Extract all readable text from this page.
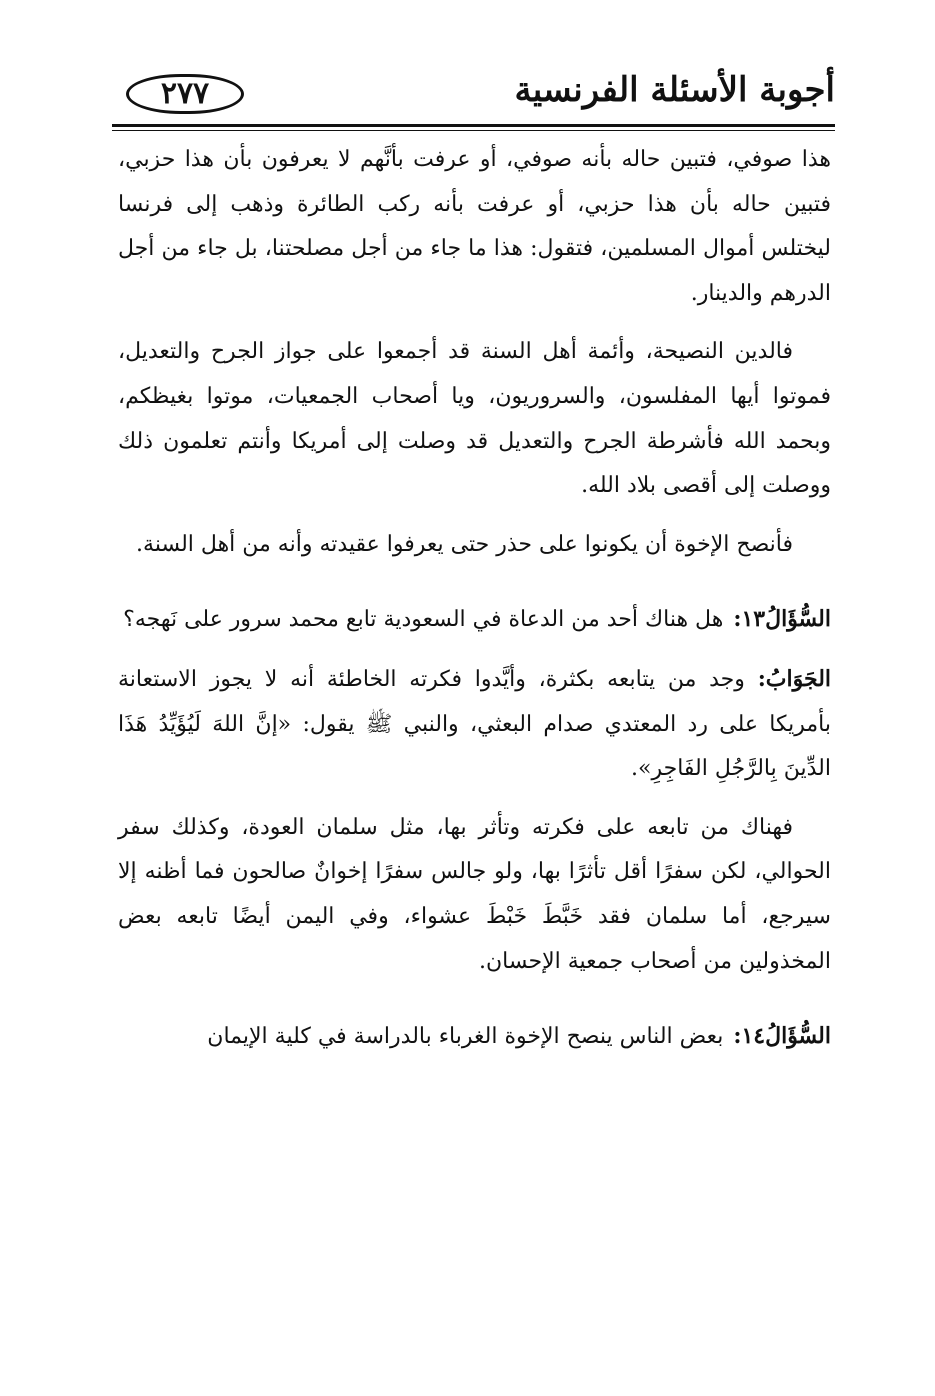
أجوبة الأسئلة الفرنسية
٢٧٧

هذا صوفي، فتبين حاله بأنه صوفي، أو عرفت بأنَّهم لا يعرفون بأن هذا حزبي، فتبين حاله بأن هذا حزبي، أو عرفت بأنه ركب الطائرة وذهب إلى فرنسا ليختلس أموال المسلمين، فتقول: هذا ما جاء من أجل مصلحتنا، بل جاء من أجل الدرهم والدينار.

فالدين النصيحة، وأئمة أهل السنة قد أجمعوا على جواز الجرح والتعديل، فموتوا أيها المفلسون، والسروريون، ويا أصحاب الجمعيات، موتوا بغيظكم، وبحمد الله فأشرطة الجرح والتعديل قد وصلت إلى أمريكا وأنتم تعلمون ذلك ووصلت إلى أقصى بلاد الله.

فأنصح الإخوة أن يكونوا على حذر حتى يعرفوا عقيدته وأنه من أهل السنة.

السُّؤَالُ١٣:هل هناك أحد من الدعاة في السعودية تابع محمد سرور على نَهجه؟

الجَوَابُ: وجد من يتابعه بكثرة، وأيَّدوا فكرته الخاطئة أنه لا يجوز الاستعانة بأمريكا على رد المعتدي صدام البعثي، والنبي ﷺ يقول: «إنَّ اللهَ لَيُؤَيِّدُ هَذَا الدِّينَ بِالرَّجُلِ الفَاجِرِ».

فهناك من تابعه على فكرته وتأثر بها، مثل سلمان العودة، وكذلك سفر الحوالي، لكن سفرًا أقل تأثرًا بها، ولو جالس سفرًا إخوانٌ صالحون فما أظنه إلا سيرجع، أما سلمان فقد خَبَّطَ خَبْطَ عشواء، وفي اليمن أيضًا تابعه بعض المخذولين من أصحاب جمعية الإحسان.

السُّؤَالُ١٤:بعض الناس ينصح الإخوة الغرباء بالدراسة في كلية الإيمان
